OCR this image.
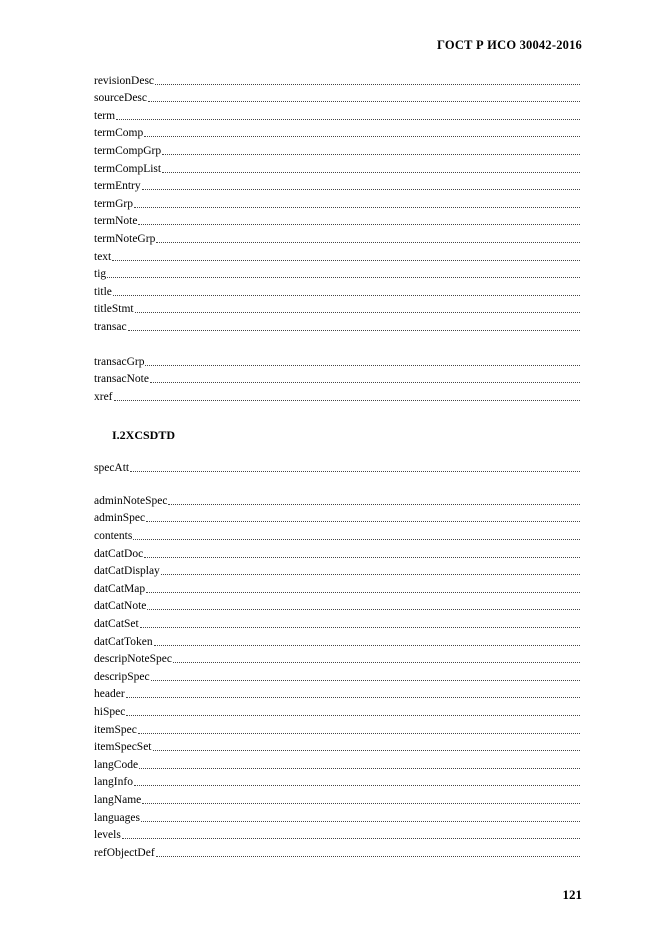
ГОСТ Р ИСО 30042-2016
revisionDesc
sourceDesc
term
termComp
termCompGrp
termCompList
termEntry
termGrp
termNote
termNoteGrp
text
tig
title
titleStmt
transac
transacGrp
transacNote
xref
I.2XCSDTD
specAtt
adminNoteSpec
adminSpec
contents
datCatDoc
datCatDisplay
datCatMap
datCatNote
datCatSet
datCatToken
descripNoteSpec
descripSpec
header
hiSpec
itemSpec
itemSpecSet
langCode
langInfo
langName
languages
levels
refObjectDef
121
